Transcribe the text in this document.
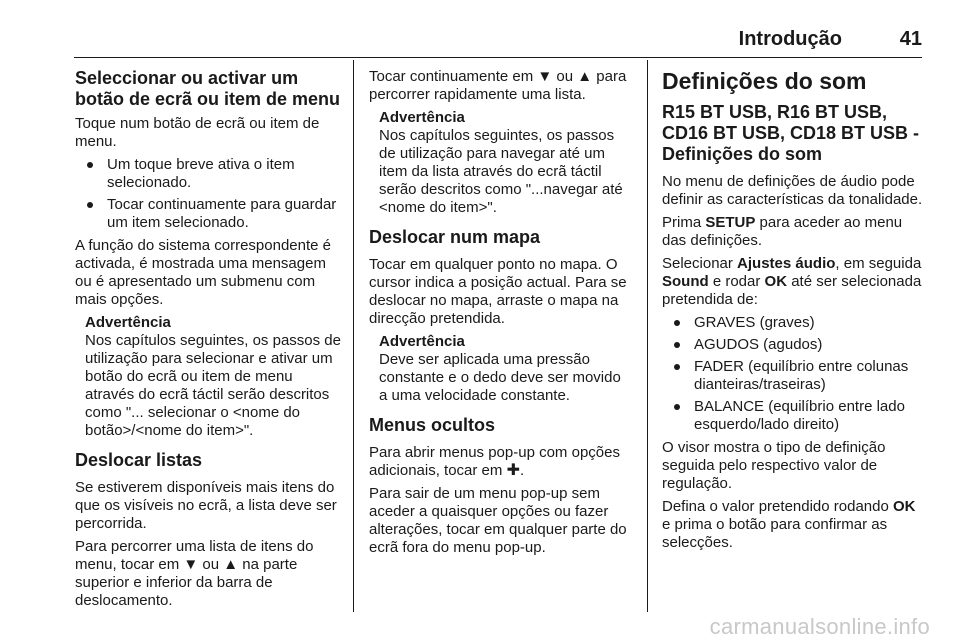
Introdução	41
Seleccionar ou activar um botão de ecrã ou item de menu

Toque num botão de ecrã ou item de menu.

Um toque breve ativa o item selecionado.
Tocar continuamente para guardar um item selecionado.

A função do sistema correspondente é activada, é mostrada uma mensagem ou é apresentado um submenu com mais opções.

Advertência

Nos capítulos seguintes, os passos de utilização para selecionar e ativar um botão do ecrã ou item de menu através do ecrã táctil serão descritos como "... selecionar o <nome do botão>/<nome do item>".

Deslocar listas

Se estiverem disponíveis mais itens do que os visíveis no ecrã, a lista deve ser percorrida.

Para percorrer uma lista de itens do menu, tocar em ▼ ou ▲ na parte superior e inferior da barra de deslocamento.

Tocar continuamente em ▼ ou ▲ para percorrer rapidamente uma lista.

Advertência

Nos capítulos seguintes, os passos de utilização para navegar até um item da lista através do ecrã táctil serão descritos como "...navegar até <nome do item>".

Deslocar num mapa

Tocar em qualquer ponto no mapa. O cursor indica a posição actual. Para se deslocar no mapa, arraste o mapa na direcção pretendida.

Advertência

Deve ser aplicada uma pressão constante e o dedo deve ser movido a uma velocidade constante.

Menus ocultos

Para abrir menus pop-up com opções adicionais, tocar em ✚.

Para sair de um menu pop-up sem aceder a quaisquer opções ou fazer alterações, tocar em qualquer parte do ecrã fora do menu pop-up.

Definições do som
R15 BT USB, R16 BT USB, CD16 BT USB, CD18 BT USB - Definições do som

No menu de definições de áudio pode definir as características da tonalidade.

Prima SETUP para aceder ao menu das definições.

Selecionar Ajustes áudio, em seguida Sound e rodar OK até ser selecionada pretendida de:

GRAVES (graves)
AGUDOS (agudos)
FADER (equilíbrio entre colunas dianteiras/traseiras)
BALANCE (equilíbrio entre lado esquerdo/lado direito)

O visor mostra o tipo de definição seguida pelo respectivo valor de regulação.

Defina o valor pretendido rodando OK e prima o botão para confirmar as selecções.

carmanualsonline.info
